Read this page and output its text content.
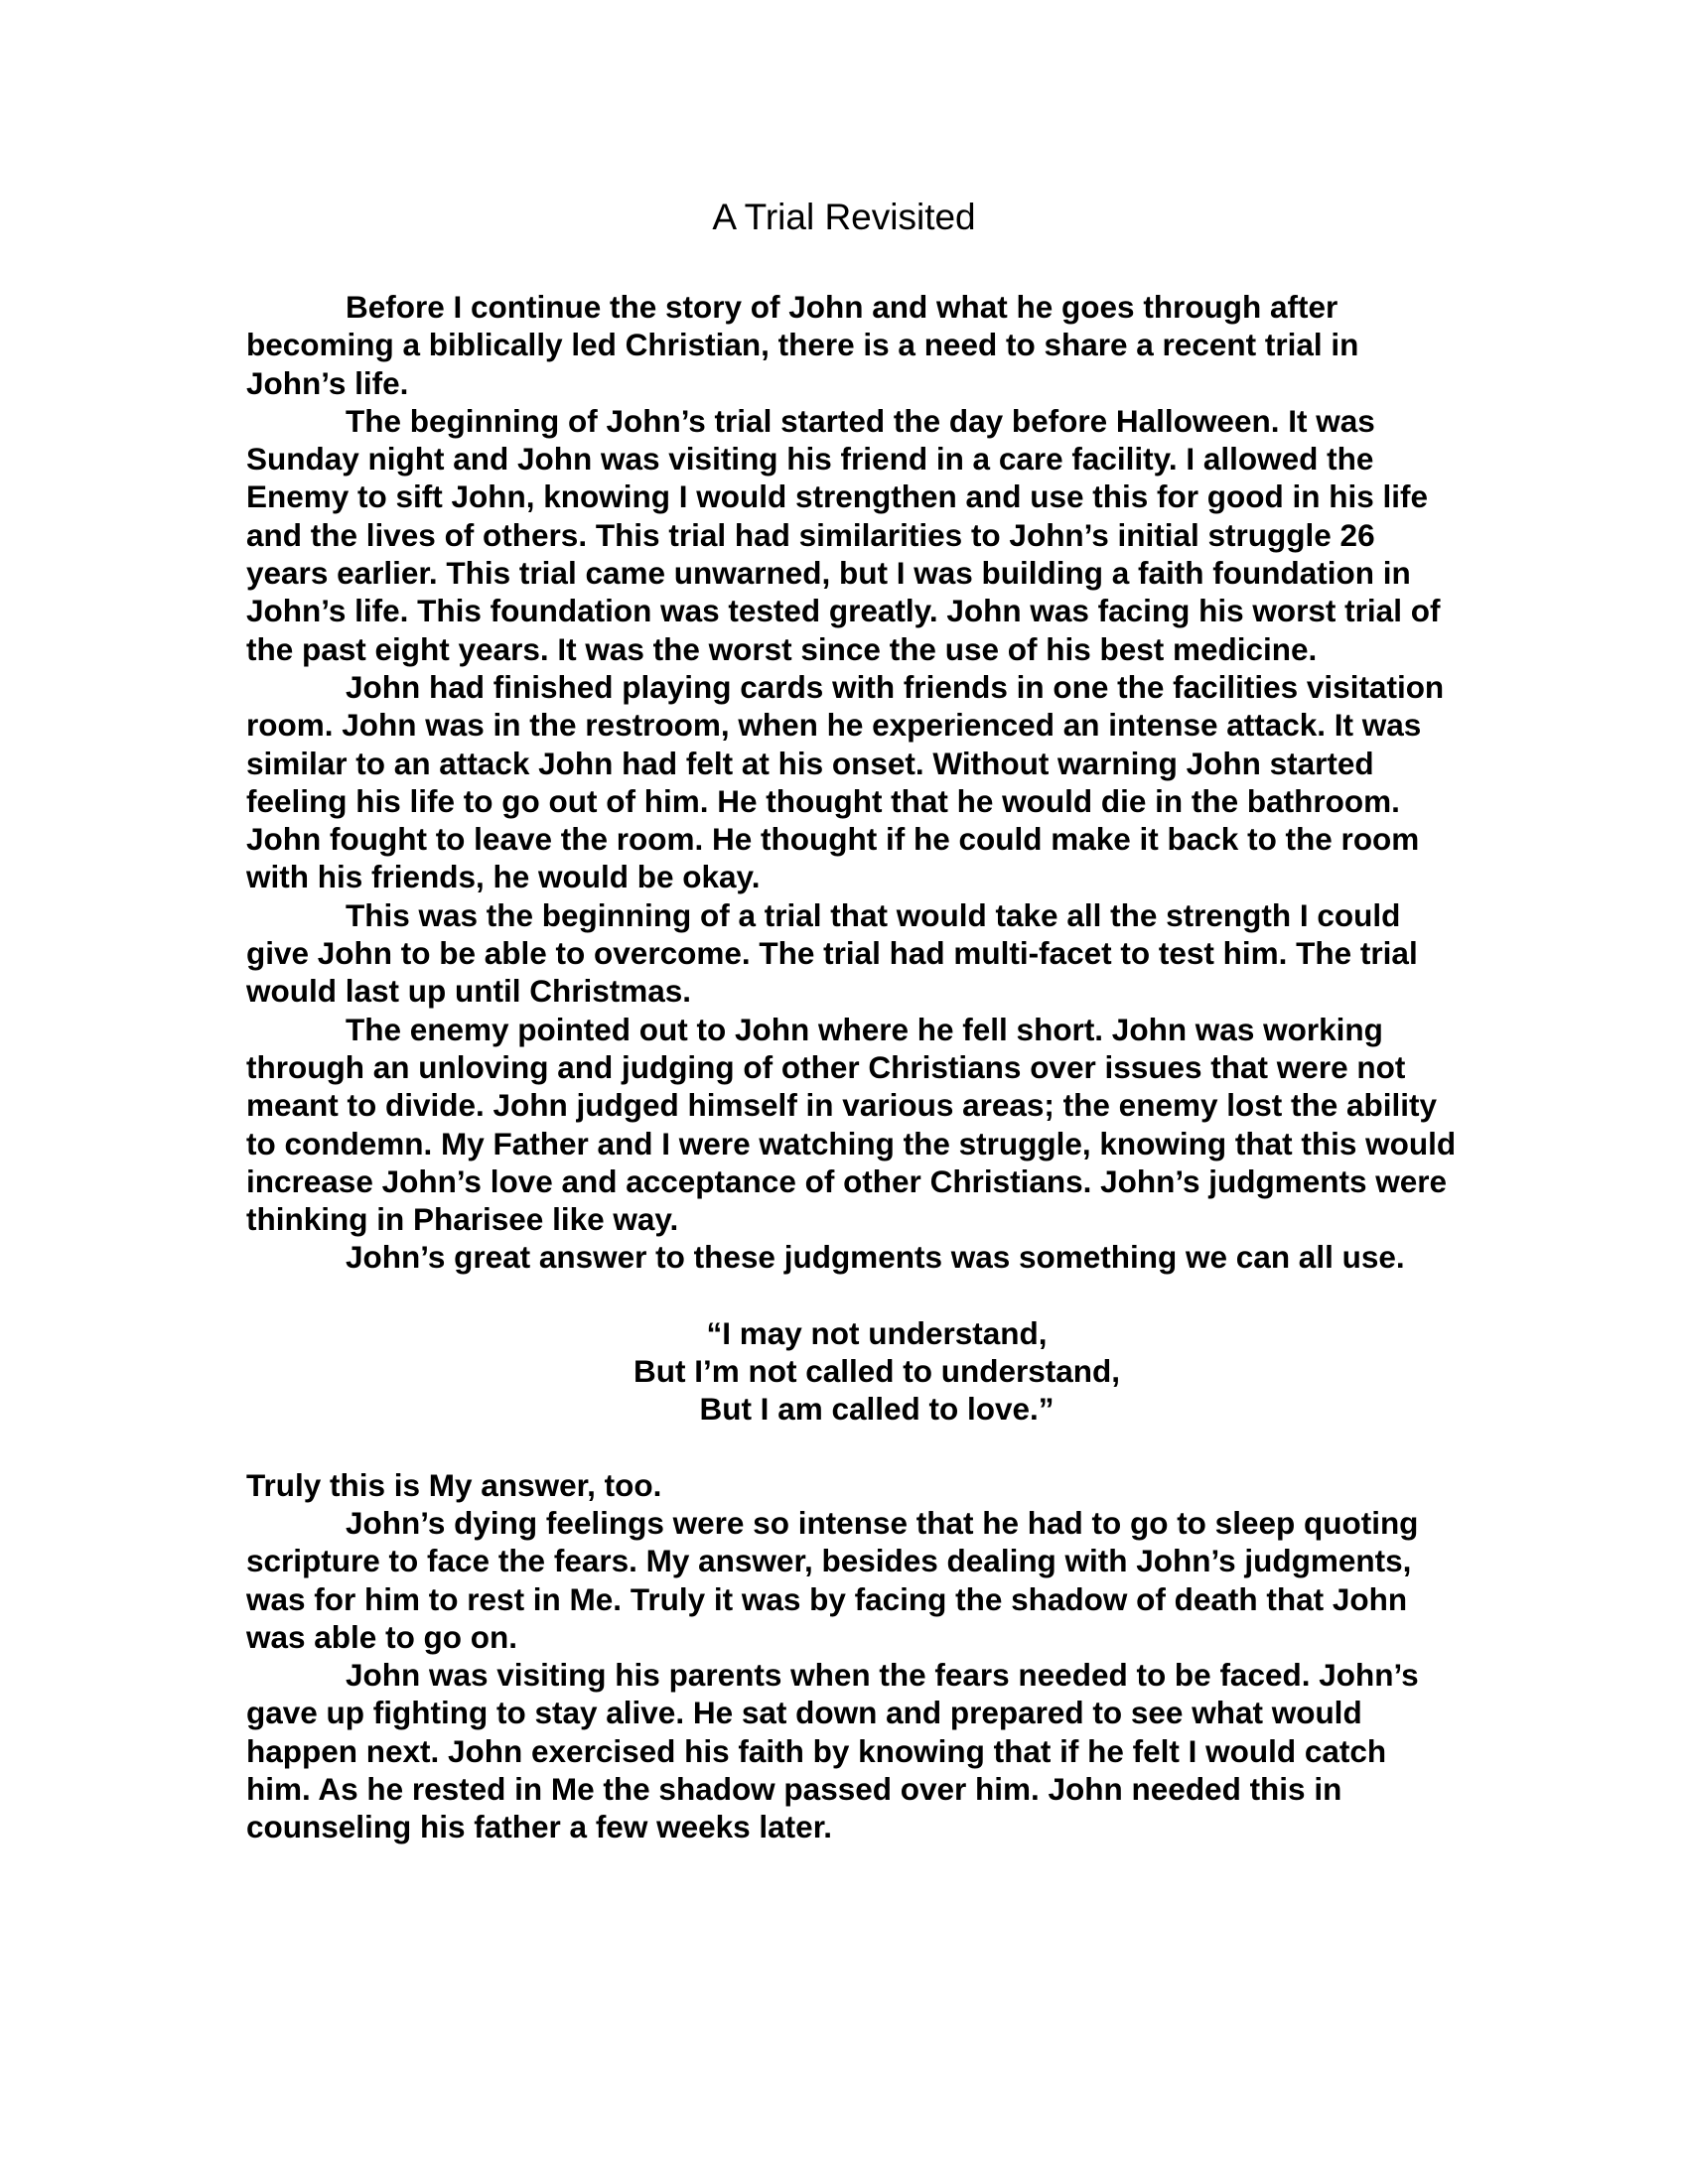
A Trial Revisited

Before I continue the story of John and what he goes through after becoming a biblically led Christian, there is a need to share a recent trial in John’s life.

The beginning of John’s trial started the day before Halloween. It was Sunday night and John was visiting his friend in a care facility. I allowed the Enemy to sift John, knowing I would strengthen and use this for good in his life and the lives of others. This trial had similarities to John’s initial struggle 26 years earlier. This trial came unwarned, but I was building a faith foundation in John’s life. This foundation was tested greatly. John was facing his worst trial of the past eight years. It was the worst since the use of his best medicine.

John had finished playing cards with friends in one the facilities visitation room. John was in the restroom, when he experienced an intense attack. It was similar to an attack John had felt at his onset. Without warning John started feeling his life to go out of him. He thought that he would die in the bathroom. John fought to leave the room. He thought if he could make it back to the room with his friends, he would be okay.

This was the beginning of a trial that would take all the strength I could give John to be able to overcome. The trial had multi-facet to test him. The trial would last up until Christmas.

The enemy pointed out to John where he fell short. John was working through an unloving and judging of other Christians over issues that were not meant to divide. John judged himself in various areas; the enemy lost the ability to condemn. My Father and I were watching the struggle, knowing that this would increase John’s love and acceptance of other Christians. John’s judgments were thinking in Pharisee like way.

John’s great answer to these judgments was something we can all use.

“I may not understand,
But I’m not called to understand,
But I am called to love.”

Truly this is My answer, too.

John’s dying feelings were so intense that he had to go to sleep quoting scripture to face the fears. My answer, besides dealing with John’s judgments, was for him to rest in Me. Truly it was by facing the shadow of death that John was able to go on.

John was visiting his parents when the fears needed to be faced. John’s gave up fighting to stay alive. He sat down and prepared to see what would happen next. John exercised his faith by knowing that if he felt I would catch him. As he rested in Me the shadow passed over him. John needed this in counseling his father a few weeks later.
